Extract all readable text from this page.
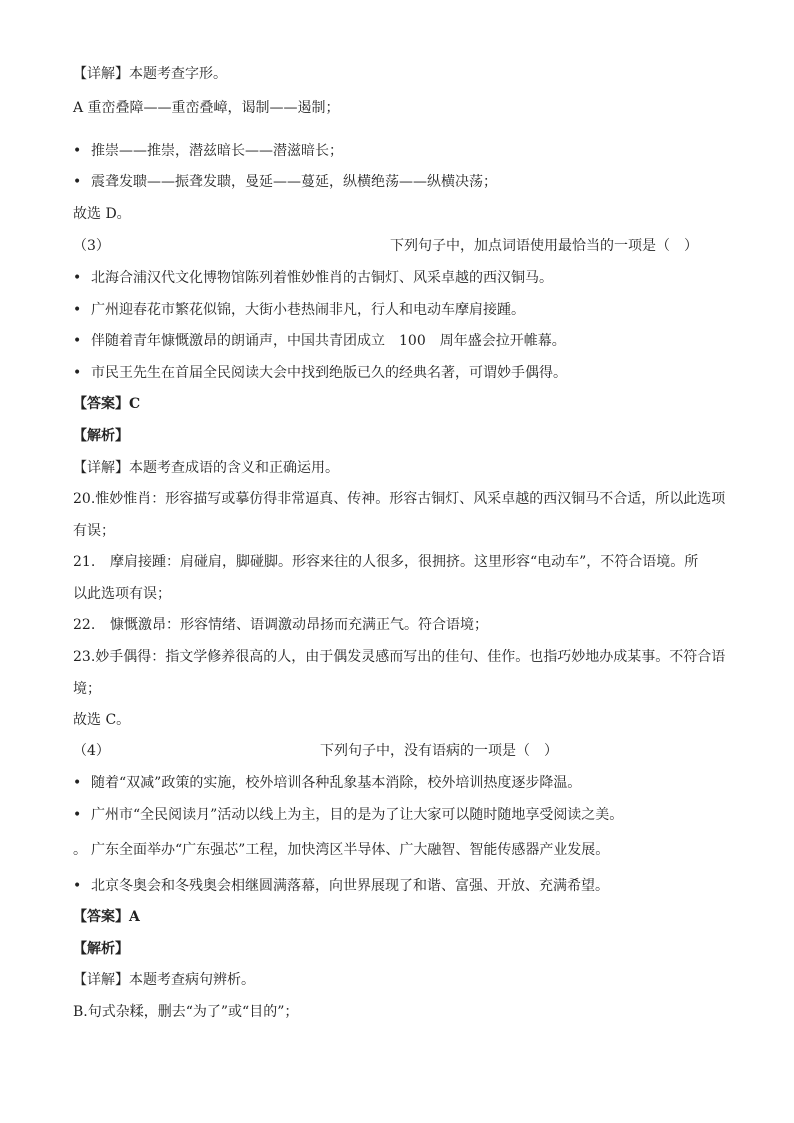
【详解】本题考查字形。
A 重峦叠障——重峦叠嶂，谒制——遏制；
• 推崇——推崇，潜兹暗长——潜滋暗长；
• 震聋发聩——振聋发聩，曼延——蔓延，纵横绝荡——纵横决荡；
故选 D。
（3）	下列句子中，加点词语使用最恰当的一项是（　）
• 北海合浦汉代文化博物馆陈列着惟妙惟肖的古铜灯、风采卓越的西汉铜马。
• 广州迎春花市繁花似锦，大街小巷热闹非凡，行人和电动车摩肩接踵。
• 伴随着青年慷慨激昂的朗诵声，中国共青团成立　100　周年盛会拉开帷幕。
• 市民王先生在首届全民阅读大会中找到绝版已久的经典名著，可谓妙手偶得。
【答案】C
【解析】
【详解】本题考查成语的含义和正确运用。
20.惟妙惟肖：形容描写或摹仿得非常逼真、传神。形容古铜灯、风采卓越的西汉铜马不合适，所以此选项
有误；
21. 摩肩接踵：肩碰肩，脚碰脚。形容来往的人很多，很拥挤。这里形容“电动车”，不符合语境。所
以此选项有误；
22. 慷慨激昂：形容情绪、语调激动昂扬而充满正气。符合语境；
23.妙手偶得：指文学修养很高的人，由于偶发灵感而写出的佳句、佳作。也指巧妙地办成某事。不符合语
境；
故选 C。
（4）	下列句子中，没有语病的一项是（　）
• 随着“双减”政策的实施，校外培训各种乱象基本消除，校外培训热度逐步降温。
• 广州市“全民阅读月”活动以线上为主，目的是为了让大家可以随时随地享受阅读之美。
。 广东全面举办“广东强芯”工程，加快湾区半导体、广大融智、智能传感器产业发展。
• 北京冬奥会和冬残奥会相继圆满落幕，向世界展现了和谐、富强、开放、充满希望。
【答案】A
【解析】
【详解】本题考查病句辨析。
B.句式杂糅，删去“为了”或“目的”；
